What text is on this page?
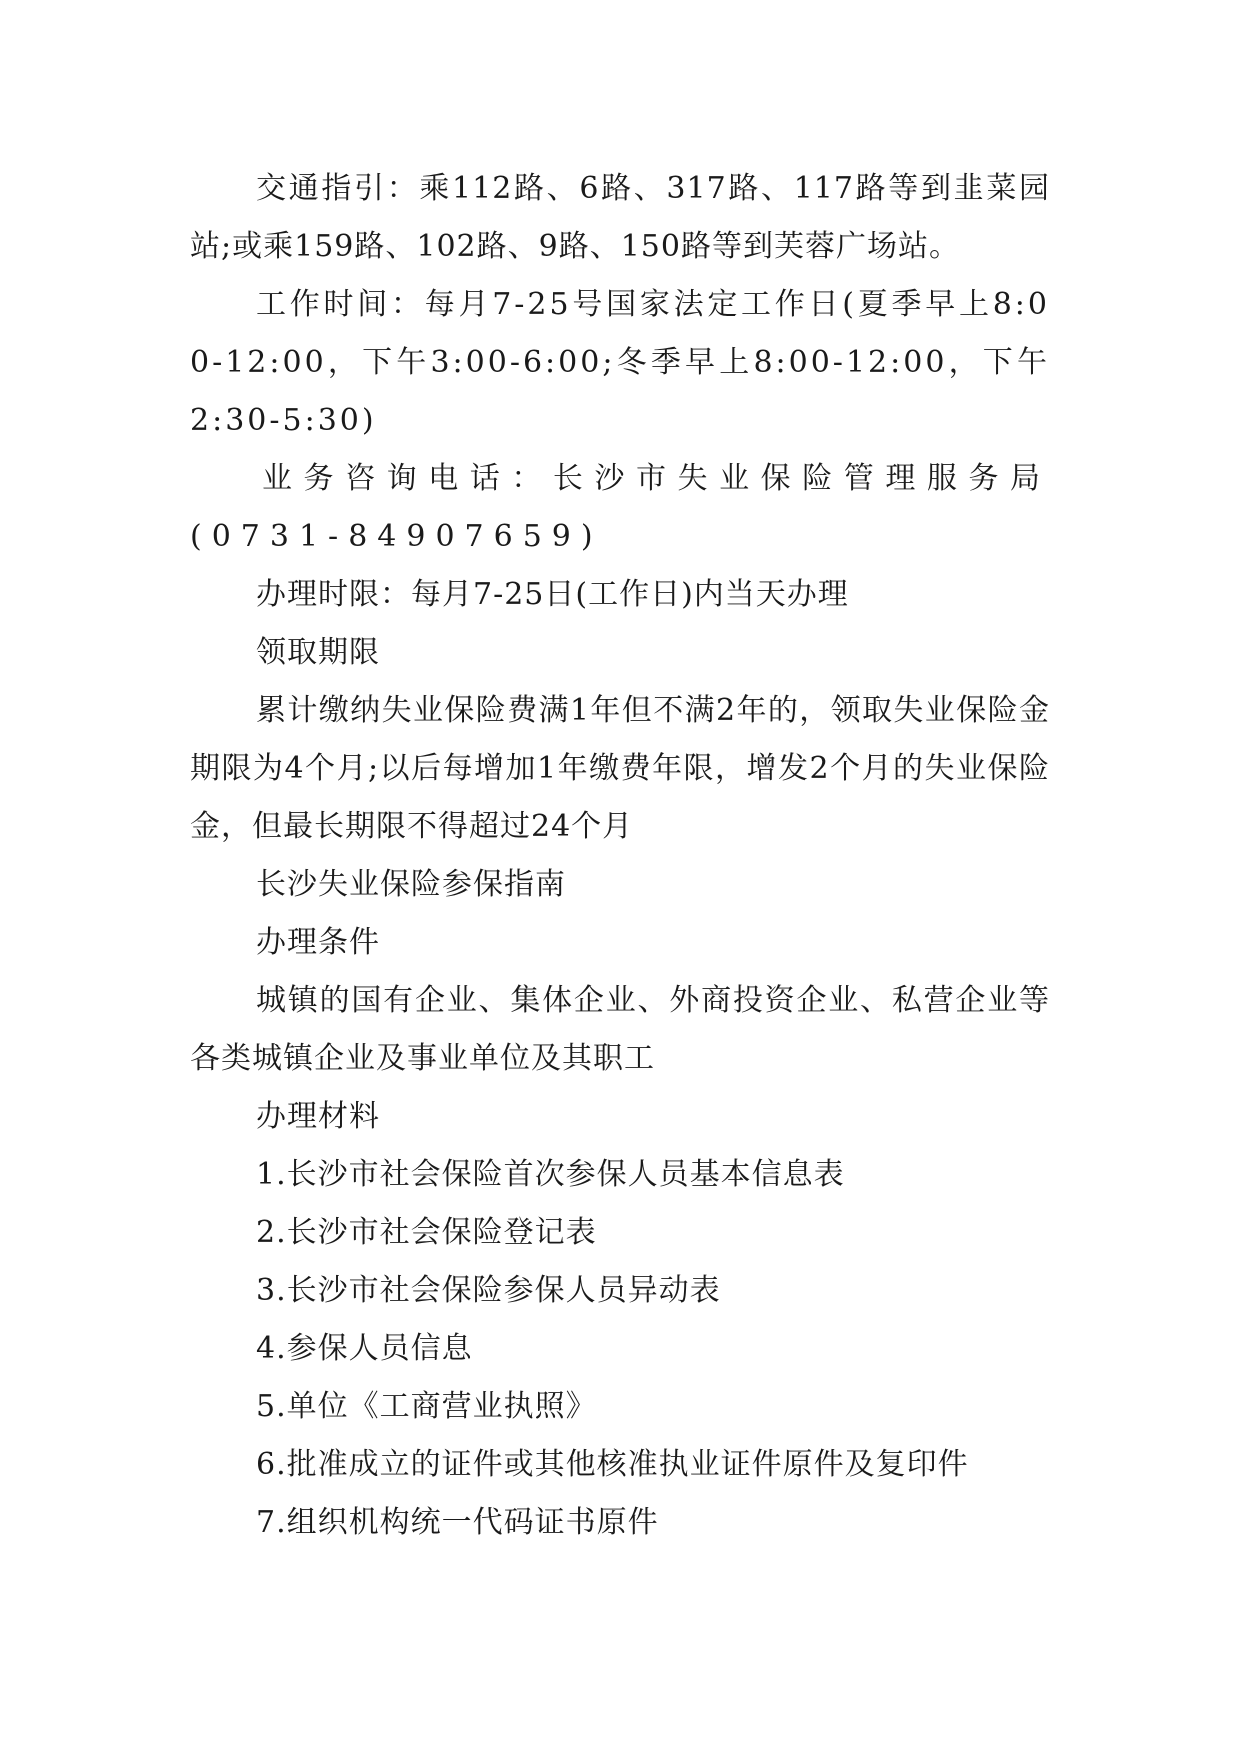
交通指引：乘112路、6路、317路、117路等到韭菜园站;或乘159路、102路、9路、150路等到芙蓉广场站。

工作时间：每月7-25号国家法定工作日(夏季早上8:00-12:00，下午3:00-6:00;冬季早上8:00-12:00，下午2:30-5:30)

业务咨询电话：长沙市失业保险管理服务局(0731-84907659)

办理时限：每月7-25日(工作日)内当天办理

领取期限

累计缴纳失业保险费满1年但不满2年的，领取失业保险金期限为4个月;以后每增加1年缴费年限，增发2个月的失业保险金，但最长期限不得超过24个月

长沙失业保险参保指南

办理条件

城镇的国有企业、集体企业、外商投资企业、私营企业等各类城镇企业及事业单位及其职工

办理材料

1.长沙市社会保险首次参保人员基本信息表

2.长沙市社会保险登记表

3.长沙市社会保险参保人员异动表

4.参保人员信息

5.单位《工商营业执照》

6.批准成立的证件或其他核准执业证件原件及复印件

7.组织机构统一代码证书原件
